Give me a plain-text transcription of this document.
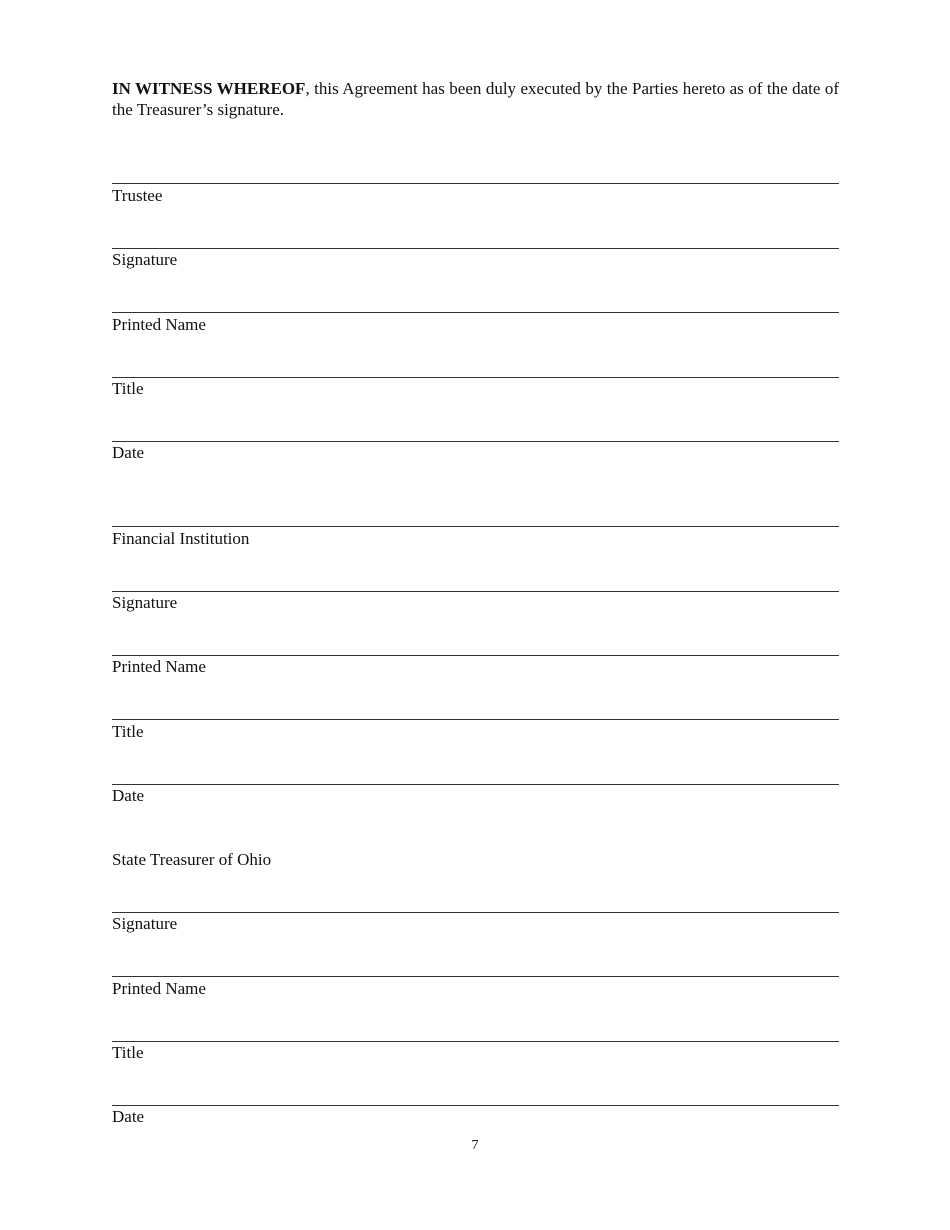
IN WITNESS WHEREOF, this Agreement has been duly executed by the Parties hereto as of the date of the Treasurer’s signature.
Trustee
Signature
Printed Name
Title
Date
Financial Institution
Signature
Printed Name
Title
Date
State Treasurer of Ohio
Signature
Printed Name
Title
Date
7
